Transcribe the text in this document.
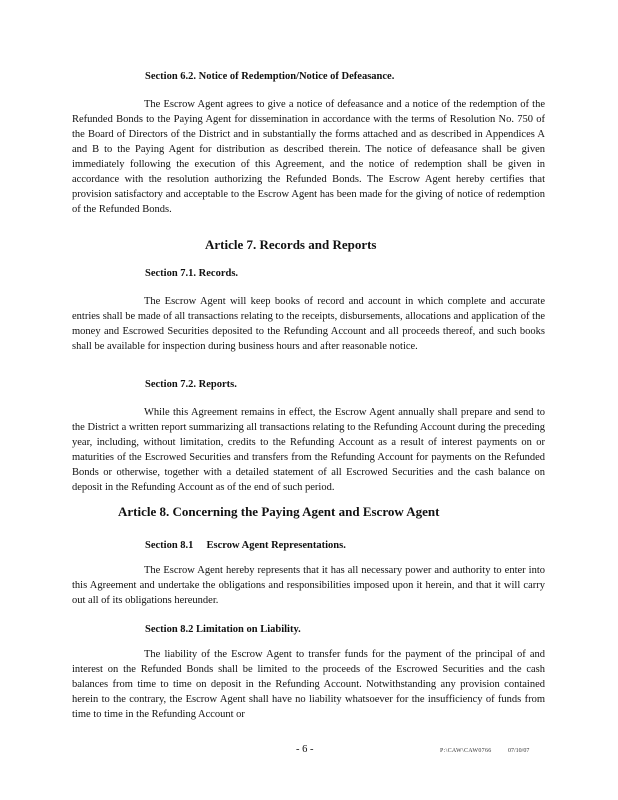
Section 6.2. Notice of Redemption/Notice of Defeasance.

The Escrow Agent agrees to give a notice of defeasance and a notice of the redemption of the Refunded Bonds to the Paying Agent for dissemination in accordance with the terms of Resolution No. 750 of the Board of Directors of the District and in substantially the forms attached and as described in Appendices A and B to the Paying Agent for distribution as described therein. The notice of defeasance shall be given immediately following the execution of this Agreement, and the notice of redemption shall be given in accordance with the resolution authorizing the Refunded Bonds. The Escrow Agent hereby certifies that provision satisfactory and acceptable to the Escrow Agent has been made for the giving of notice of redemption of the Refunded Bonds.

Article 7. Records and Reports
Section 7.1. Records.

The Escrow Agent will keep books of record and account in which complete and accurate entries shall be made of all transactions relating to the receipts, disbursements, allocations and application of the money and Escrowed Securities deposited to the Refunding Account and all proceeds thereof, and such books shall be available for inspection during business hours and after reasonable notice.

Section 7.2. Reports.

While this Agreement remains in effect, the Escrow Agent annually shall prepare and send to the District a written report summarizing all transactions relating to the Refunding Account during the preceding year, including, without limitation, credits to the Refunding Account as a result of interest payments on or maturities of the Escrowed Securities and transfers from the Refunding Account for payments on the Refunded Bonds or otherwise, together with a detailed statement of all Escrowed Securities and the cash balance on deposit in the Refunding Account as of the end of such period.

Article 8. Concerning the Paying Agent and Escrow Agent
Section 8.1     Escrow Agent Representations.

The Escrow Agent hereby represents that it has all necessary power and authority to enter into this Agreement and undertake the obligations and responsibilities imposed upon it herein, and that it will carry out all of its obligations hereunder.

Section 8.2 Limitation on Liability.

The liability of the Escrow Agent to transfer funds for the payment of the principal of and interest on the Refunded Bonds shall be limited to the proceeds of the Escrowed Securities and the cash balances from time to time on deposit in the Refunding Account. Notwithstanding any provision contained herein to the contrary, the Escrow Agent shall have no liability whatsoever for the insufficiency of funds from time to time in the Refunding Account or

- 6 -	P:\CAW\CAW0766	07/10/07
